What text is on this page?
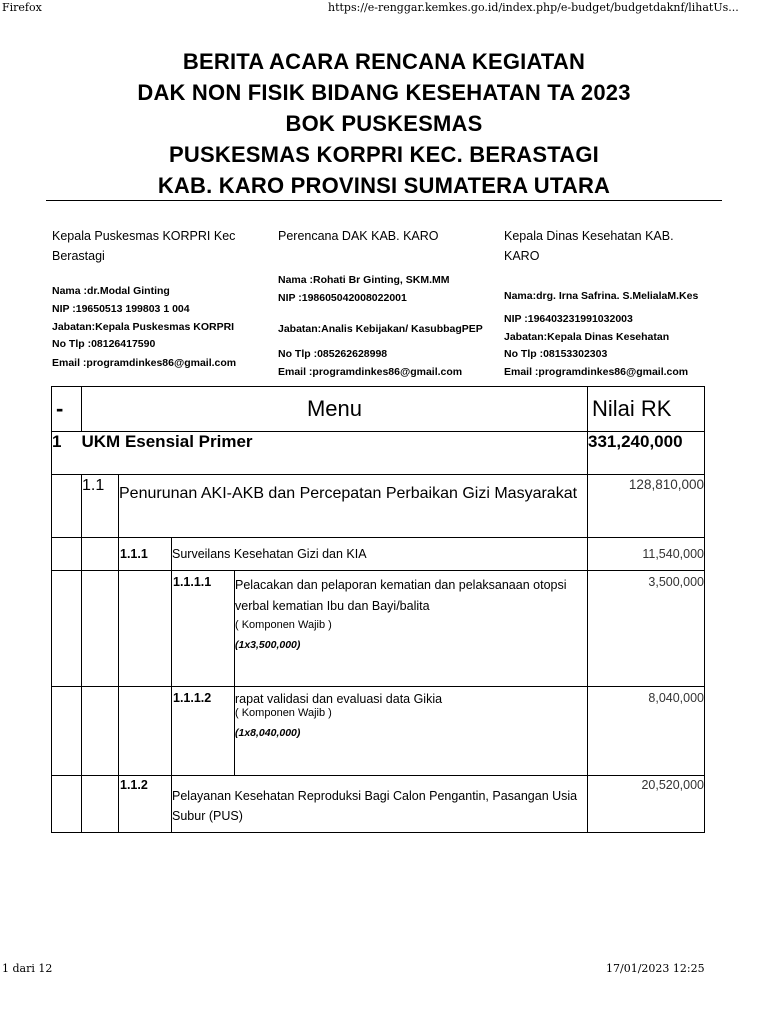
Firefox	https://e-renggar.kemkes.go.id/index.php/e-budget/budgetdaknf/lihatUs...
BERITA ACARA RENCANA KEGIATAN
DAK NON FISIK BIDANG KESEHATAN TA 2023
BOK PUSKESMAS
PUSKESMAS KORPRI KEC. BERASTAGI
KAB. KARO PROVINSI SUMATERA UTARA
Kepala Puskesmas KORPRI Kec
Berastagi
Nama :dr.Modal Ginting
NIP :19650513 199803 1 004
Jabatan:Kepala Puskesmas KORPRI
No Tlp :08126417590
Email :programdinkes86@gmail.com
Perencana DAK KAB. KARO
Nama :Rohati Br Ginting, SKM.MM
NIP :198605042008022001
Jabatan:Analis Kebijakan/ KasubbagPEP
No Tlp :085262628998
Email :programdinkes86@gmail.com
Kepala Dinas Kesehatan KAB.
KARO
Nama:drg. Irna Safrina. S.MelialaM.Kes
NIP :196403231991032003
Jabatan:Kepala Dinas Kesehatan
No Tlp :08153302303
Email :programdinkes86@gmail.com
-	Menu				Nilai RK
1	UKM Esensial Primer				331,240,000
	1.1	Penurunan AKI-AKB dan Percepatan Perbaikan Gizi Masyarakat			128,810,000
		1.1.1	Surveilans Kesehatan Gizi dan KIA		11,540,000
			1.1.1.1	Pelacakan dan pelaporan kematian dan pelaksanaan otopsi verbal kematian Ibu dan Bayi/balita
( Komponen Wajib )
(1x3,500,000)	3,500,000
			1.1.1.2	rapat validasi dan evaluasi data Gikia
( Komponen Wajib )
(1x8,040,000)	8,040,000
		1.1.2	Pelayanan Kesehatan Reproduksi Bagi Calon Pengantin, Pasangan Usia Subur (PUS)		20,520,000
1 dari 12	17/01/2023 12:25
